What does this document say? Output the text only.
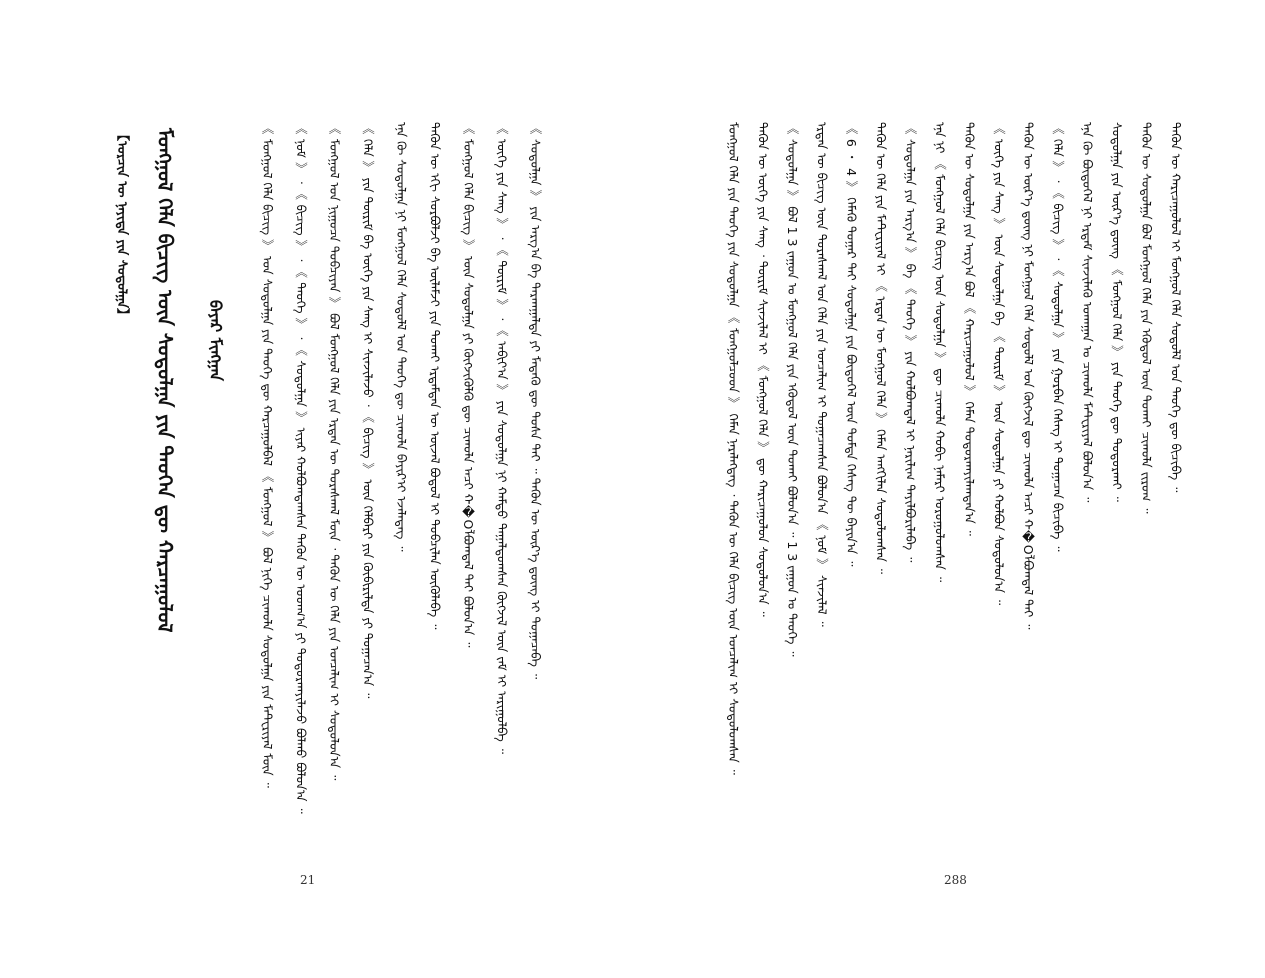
【ᠣᠷᠴᠢᠨ ᠦ ᠨᠡᠶᠢᠲᠡ ᠶᠢᠨ ᠰᠤᠳᠤᠯᠭᠠ】 ᠮᠣᠩᠭᠣᠯ ᠬᠡᠯᠡ ᠪᠢᠴᠢᠭ ᠦᠨ ᠰᠤᠳᠤᠯᠭᠠ ᠶᠢᠨ ᠲᠡᠦᠬᠡᠨ ᠳᠦ ᠬᠠᠷᠴᠠᠭᠤᠯᠤᠯ ᠪᠠᠶᠠᠷ ᠮᠢᠩᠭᠠᠨ	《 ᠮᠣᠩᠭᠣᠯ ᠬᠡᠯᠡ ᠪᠢᠴᠢᠭ 》 ᠤᠨ ᠰᠤᠳᠤᠯᠭᠠ ᠶᠢᠨ ᠲᠡᠦᠬᠡ ᠳᠦ ᠬᠠᠷᠴᠠᠭᠤᠯᠪᠠᠯ 《 ᠮᠣᠩᠭᠣᠯ 》 ᠪᠣᠯ ᠨᠢᠭᠡ ᠴᠢᠬᠤᠯᠠ ᠰᠤᠳᠤᠯᠭᠠ ᠶᠢᠨ ᠮᠠᠲ᠋ᠧᠷᠢᠶᠠᠯ ᠮᠥᠨ ᠃ 《 ᠨᠤᠮ 》 ᠂ 《 ᠪᠢᠴᠢᠭ 》 ᠂ 《 ᠲᠡᠦᠬᠡ 》 ᠂ 《 ᠰᠤᠳᠤᠯᠭᠠ 》 ᠢᠶᠠᠷ ᠬᠣᠯᠪᠣᠭᠳᠠᠭᠰᠠᠨ ᠲᠡᠭᠦᠨ ᠦ ᠤᠳᠬ᠎ᠠ ᠶᠢ ᠲᠣᠳᠤᠷᠬᠠᠶᠢᠯᠠᠵᠤ ᠪᠣᠯᠬᠤ ᠪᠣᠯᠤᠨ᠎ᠠ ᠃ 《 ᠮᠣᠩᠭᠣᠯ ᠤᠨ ᠨᠢᠭᠤᠴᠠ ᠲᠣᠪᠴᠢᠶᠠᠨ 》 ᠪᠣᠯ ᠮᠣᠩᠭᠣᠯ ᠬᠡᠯᠡ ᠶᠢᠨ ᠡᠷᠲᠡᠨ ᠦ ᠳᠤᠷᠠᠰᠬᠠᠯ ᠮᠥᠨ ᠂ ᠲᠡᠭᠦᠨ ᠦ ᠬᠡᠯᠡ ᠶᠢᠨ ᠣᠨᠴᠠᠯᠢᠭ ᠢ ᠰᠤᠳᠤᠯᠤᠨ᠎ᠠ ᠃ 《 ᠬᠡᠯᠡ 》 ᠶᠢᠨ ᠳᠦᠷᠢᠮ ᠪᠠ ᠦᠭᠡ ᠶᠢᠨ ᠰᠠᠩ ᠢ ᠰᠢᠨᠵᠢᠯᠡᠵᠦ ᠂ 《 ᠪᠢᠴᠢᠭ 》 ᠦᠨ ᠬᠡᠯᠪᠡᠷᠢ ᠶᠢᠨ ᠬᠦᠪᠢᠷᠢᠯᠲᠡ ᠶᠢ ᠲᠣᠭᠠᠴᠠᠨ᠎ᠠ ᠃ ᠡᠨᠡ ᠬᠦ ᠰᠤᠳᠤᠯᠭᠠ ᠨᠢ ᠮᠣᠩᠭᠣᠯ ᠬᠡᠯᠡ ᠰᠤᠳᠤᠯᠯ ᠤᠨ ᠲᠡᠦᠬᠡ ᠳᠦ ᠴᠢᠬᠤᠯᠠ ᠪᠠᠶᠢᠷ᠎ᠢ ᠡᠵᠡᠯᠡᠳᠡᠭ ᠃ ᠲᠡᠭᠦᠨ ᠦ ᠡᠬᠢ ᠰᠤᠷᠪᠤᠯᠵᠢ ᠪᠠ ᠦᠯᠡᠮᠵᠢ ᠶᠢᠨ ᠲᠤᠬᠠᠢ ᠡᠷᠳᠡᠮᠲᠡᠨ ᠦ ᠦᠵᠡᠯ ᠪᠣᠳᠤᠯ ᠢ ᠲᠣᠪᠴᠢᠯᠠᠨ ᠥᠭᠦᠯᠡᠪᠡ ᠃ 《 ᠮᠣᠩᠭᠣᠯ ᠬᠡᠯᠡ ᠪᠢᠴᠢᠭ 》 ᠦᠨ ᠰᠤᠳᠤᠯᠭᠠ ᠶᠢ ᠬᠥᠭᠵᠢᠭᠦᠯᠬᠦ ᠳᠦ ᠴᠢᠬᠤᠯᠠ ᠠᠴᠢ ᠬ�Оᠯᠪᠣᠭᠳᠠᠯ ᠲᠠᠢ ᠪᠣᠯᠤᠨ᠎ᠠ ᠃ 《 ᠦᠭᠡ ᠶᠢᠨ ᠰᠠᠩ 》 ᠂ 《 ᠳᠦᠷᠢᠮ 》 ᠂ 《 ᠠᠪᠢᠶ᠎ᠠ 》 ᠶᠢᠨ ᠰᠤᠳᠤᠯᠭᠠ ᠨᠢ ᠬᠠᠮᠲᠤ ᠳᠠᠭᠠᠯᠳᠤᠭᠰᠠᠨ ᠬᠥᠭᠵᠢᠯ ᠦᠨ ᠵᠠᠮ ᠢ ᠠᠷᠢᠭᠤᠯᠪᠠ ᠃ 《 ᠰᠤᠳᠤᠯᠭᠠ 》 ᠶᠢᠨ ᠠᠷᠭ᠎ᠠ ᠪᠠ ᠲᠠᠷᠬᠠᠭᠠᠯᠲᠠ ᠶᠢ ᠮᠡᠳᠡᠬᠦ ᠳᠦ ᠲᠤᠰᠠ ᠲᠠᠢ ᠃ ᠲᠡᠭᠦᠨ ᠦ ᠦᠷ᠎ᠡ ᠳ᠋ᠦᠩ ᠢ ᠲᠣᠭᠠᠴᠠᠪᠠ ᠃
21
ᠮᠣᠩᠭᠣᠯ ᠬᠡᠯᠡ ᠶᠢᠨ ᠲᠡᠦᠬᠡ ᠶᠢᠨ ᠰᠤᠳᠤᠯᠭᠠ 《 ᠮᠣᠩᠭᠣᠯᠴᠤᠳ 》 ᠬᠡᠮᠡᠨ ᠨᠡᠷᠡᠯᠡᠭᠳᠡᠭ ᠂ ᠲᠡᠭᠦᠨ ᠦ ᠬᠡᠯᠡ ᠪᠢᠴᠢᠭ ᠦᠨ ᠣᠨᠴᠠᠯᠢᠭ ᠢ ᠰᠤᠳᠤᠯᠤᠭᠰᠠᠨ ᠃ ᠲᠡᠭᠦᠨ ᠦ ᠦᠭᠡ ᠶᠢᠨ ᠰᠠᠩ ᠂ ᠳᠦᠷᠢᠮ ᠰᠢᠨᠵᠢᠯᠡᠯ ᠢ 《 ᠮᠣᠩᠭᠣᠯ ᠬᠡᠯᠡ 》 ᠳᠦ ᠬᠠᠷᠢᠴᠠᠭᠤᠯᠤᠨ ᠰᠤᠳᠤᠯᠤᠨ᠎ᠠ ᠃ 《 ᠰᠤᠳᠤᠯᠭᠠ 》 ᠪᠣᠯ 1 3 ᠵᠠᠭᠤᠨ ᠤ ᠮᠣᠩᠭᠣᠯ ᠬᠡᠯᠡ ᠶᠢᠨ ᠡᠭᠦᠳᠦᠯ ᠦᠨ ᠲᠤᠬᠠᠢ ᠪᠣᠯᠤᠨ᠎ᠠ ᠃ 1 3 ᠵᠠᠭᠤᠨ ᠤ ᠲᠡᠦᠬᠡ ᠃ ᠡᠷᠲᠡᠨ ᠦ ᠪᠢᠴᠢᠭ ᠦᠨ ᠳᠤᠷᠠᠰᠬᠠᠯ ᠤᠨ ᠬᠡᠯᠡ ᠶᠢᠨ ᠣᠨᠴᠠᠯᠢᠭ ᠢ ᠲᠣᠭᠠᠴᠠᠭᠰᠠᠨ ᠪᠣᠯᠤᠨ᠎ᠠ 《 ᠨᠤᠮ 》 ᠰᠢᠨᠵᠢᠯᠡᠯ ᠃ 《 6 ・ 4 》 ᠬᠡᠮᠡᠬᠦ ᠳᠤᠭᠠᠷ ᠲᠠᠢ ᠰᠤᠳᠤᠯᠭᠠ ᠶᠢᠨ ᠪᠦᠲᠦᠭᠡᠯ ᠦᠨ ᠳᠤᠮᠳᠠ ᠬᠡᠰᠡᠭ ᠲᠦ ᠪᠠᠶᠢᠨ᠎ᠠ ᠃ ᠲᠡᠭᠦᠨ ᠦ ᠬᠡᠯᠡ ᠶᠢᠨ ᠮᠠᠲ᠋ᠧᠷᠢᠶᠠᠯ ᠢ 《 ᠡᠷᠲᠡᠨ ᠦ ᠮᠣᠩᠭᠣᠯ ᠬᠡᠯᠡ 》 ᠬᠡᠮᠡᠨ ᠠᠩᠭᠢᠯᠠᠨ ᠰᠤᠳᠤᠯᠤᠭᠰᠠᠨ ᠃ 《 ᠰᠤᠳᠤᠯᠭᠠ ᠶᠢᠨ ᠠᠷᠭ᠎ᠠ 》 ᠪᠠ 《 ᠲᠡᠦᠬᠡ 》 ᠶᠢᠨ ᠬᠣᠯᠪᠣᠭᠳᠠᠯ ᠢ ᠨᠠᠷᠢᠯᠢᠭ ᠲᠠᠶᠢᠯᠪᠤᠷᠢᠯᠠᠪᠠ ᠃ ᠡᠨᠡ ᠨᠢ 《 ᠮᠣᠩᠭᠣᠯ ᠬᠡᠯᠡ ᠪᠢᠴᠢᠭ ᠦᠨ ᠰᠤᠳᠤᠯᠭᠠ 》 ᠳᠦ ᠴᠢᠬᠤᠯᠠ ᠬᠤᠪᠢ ᠨᠡᠮᠡᠷᠢ ᠣᠷᠣᠭᠤᠯᠤᠭᠰᠠᠨ ᠃ ᠲᠡᠭᠦᠨ ᠦ ᠰᠤᠳᠤᠯᠭᠠ ᠶᠢᠨ ᠠᠷᠭ᠎ᠠ ᠪᠣᠯ 《 ᠬᠠᠷᠢᠴᠠᠭᠤᠯᠤᠯ 》 ᠬᠡᠮᠡᠨ ᠲᠣᠳᠤᠷᠬᠠᠶᠢᠯᠠᠭᠳᠠᠨ᠎ᠠ ᠃ 《 ᠦᠭᠡ ᠶᠢᠨ ᠰᠠᠩ 》 ᠦᠨ ᠰᠤᠳᠤᠯᠭᠠ ᠪᠠ 《 ᠳᠦᠷᠢᠮ 》 ᠦᠨ ᠰᠤᠳᠤᠯᠭᠠ ᠶᠢ ᠬᠣᠯᠪᠣᠨ ᠰᠤᠳᠤᠯᠤᠨ᠎ᠠ ᠃ ᠲᠡᠭᠦᠨ ᠦ ᠦᠷ᠎ᠡ ᠳ᠋ᠦᠩ ᠨᠢ ᠮᠣᠩᠭᠣᠯ ᠬᠡᠯᠡ ᠰᠤᠳᠤᠯᠯ ᠤᠨ ᠬᠥᠭᠵᠢᠯ ᠳᠦ ᠴᠢᠬᠤᠯᠠ ᠠᠴᠢ ᠬ�Оᠯᠪᠣᠭᠳᠠᠯ ᠲᠠᠢ ᠃ 《 ᠬᠡᠯᠡ 》 ᠂ 《 ᠪᠢᠴᠢᠭ 》 ᠂ 《 ᠰᠤᠳᠤᠯᠭᠠ 》 ᠶᠢᠨ ᠭᠤᠷᠪᠠᠨ ᠬᠡᠰᠡᠭ ᠢ ᠲᠣᠭᠠᠴᠠᠨ ᠪᠢᠴᠢᠪᠡ ᠃ ᠡᠨᠡ ᠬᠦ ᠪᠦᠲᠦᠭᠡᠯ ᠨᠢ ᠡᠷᠳᠡᠮ ᠰᠢᠨᠵᠢᠯᠡᠬᠦ ᠤᠬᠠᠭᠠᠨ ᠤ ᠴᠢᠬᠤᠯᠠ ᠮᠠᠲ᠋ᠧᠷᠢᠶᠠᠯ ᠪᠣᠯᠤᠨ᠎ᠠ ᠃ ᠰᠤᠳᠤᠯᠭᠠ ᠶᠢᠨ ᠦᠷ᠎ᠡ ᠳ᠋ᠦᠩ 《 ᠮᠣᠩᠭᠣᠯ ᠬᠡᠯᠡ 》 ᠶᠢᠨ ᠲᠡᠦᠬᠡ ᠳᠦ ᠲᠣᠳᠤᠷᠬᠠᠢ ᠃ ᠲᠡᠭᠦᠨ ᠦ ᠰᠤᠳᠤᠯᠭᠠ ᠪᠣᠯ ᠮᠣᠩᠭᠣᠯ ᠬᠡᠯᠡ ᠶᠢᠨ ᠡᠭᠦᠳᠦᠯ ᠦᠨ ᠲᠤᠬᠠᠢ ᠴᠢᠬᠤᠯᠠ ᠵᠢᠷᠤᠭ ᠃ ᠲᠡᠭᠦᠨ ᠦ ᠬᠠᠷᠢᠴᠠᠭᠤᠯᠤᠯ ᠢ ᠮᠣᠩᠭᠣᠯ ᠬᠡᠯᠡ ᠰᠤᠳᠤᠯᠯ ᠤᠨ ᠲᠡᠦᠬᠡ ᠳᠦ ᠪᠢᠴᠢᠪᠡ ᠃
288
